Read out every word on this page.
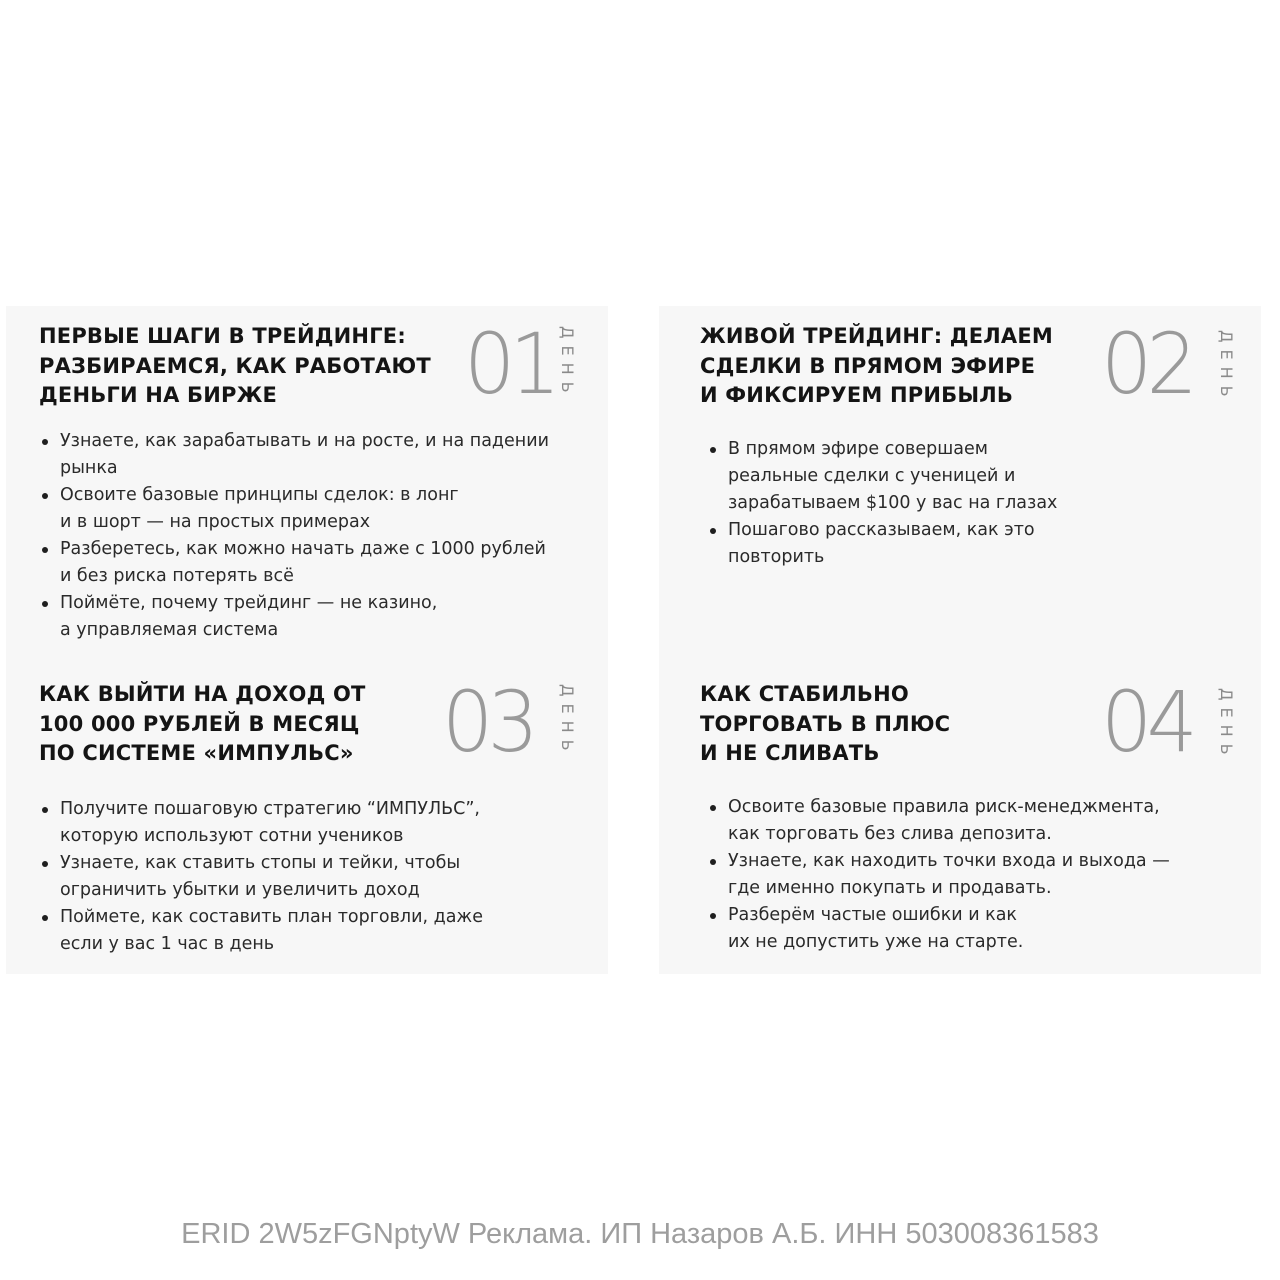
ПЕРВЫЕ ШАГИ В ТРЕЙДИНГЕ:
РАЗБИРАЕМСЯ, КАК РАБОТАЮТ
ДЕНЬГИ НА БИРЖЕ	01 ДЕНЬ
Узнаете, как зарабатывать и на росте, и на падении
рынка
Освоите базовые принципы сделок: в лонг
и в шорт — на простых примерах
Разберетесь, как можно начать даже с 1000 рублей
и без риска потерять всё
Поймёте, почему трейдинг — не казино,
а управляемая система
ЖИВОЙ ТРЕЙДИНГ: ДЕЛАЕМ
СДЕЛКИ В ПРЯМОМ ЭФИРЕ
И ФИКСИРУЕМ ПРИБЫЛЬ	02 ДЕНЬ
В прямом эфире совершаем
реальные сделки с ученицей и
зарабатываем $100 у вас на глазах
Пошагово рассказываем, как это
повторить
КАК ВЫЙТИ НА ДОХОД ОТ
100 000 РУБЛЕЙ В МЕСЯЦ
ПО СИСТЕМЕ «ИМПУЛЬС» 03 ДЕНЬ
Получите пошаговую стратегию “ИМПУЛЬС”,
которую используют сотни учеников
Узнаете, как ставить стопы и тейки, чтобы
ограничить убытки и увеличить доход
Поймете, как составить план торговли, даже
если у вас 1 час в день
КАК СТАБИЛЬНО
ТОРГОВАТЬ В ПЛЮС
И НЕ СЛИВАТЬ	04 ДЕНЬ
Освоите базовые правила риск-менеджмента,
как торговать без слива депозита.
Узнаете, как находить точки входа и выхода —
где именно покупать и продавать.
Разберём частые ошибки и как
их не допустить уже на старте.
ERID 2W5zFGNptyW Реклама. ИП Назаров А.Б. ИНН 503008361583
